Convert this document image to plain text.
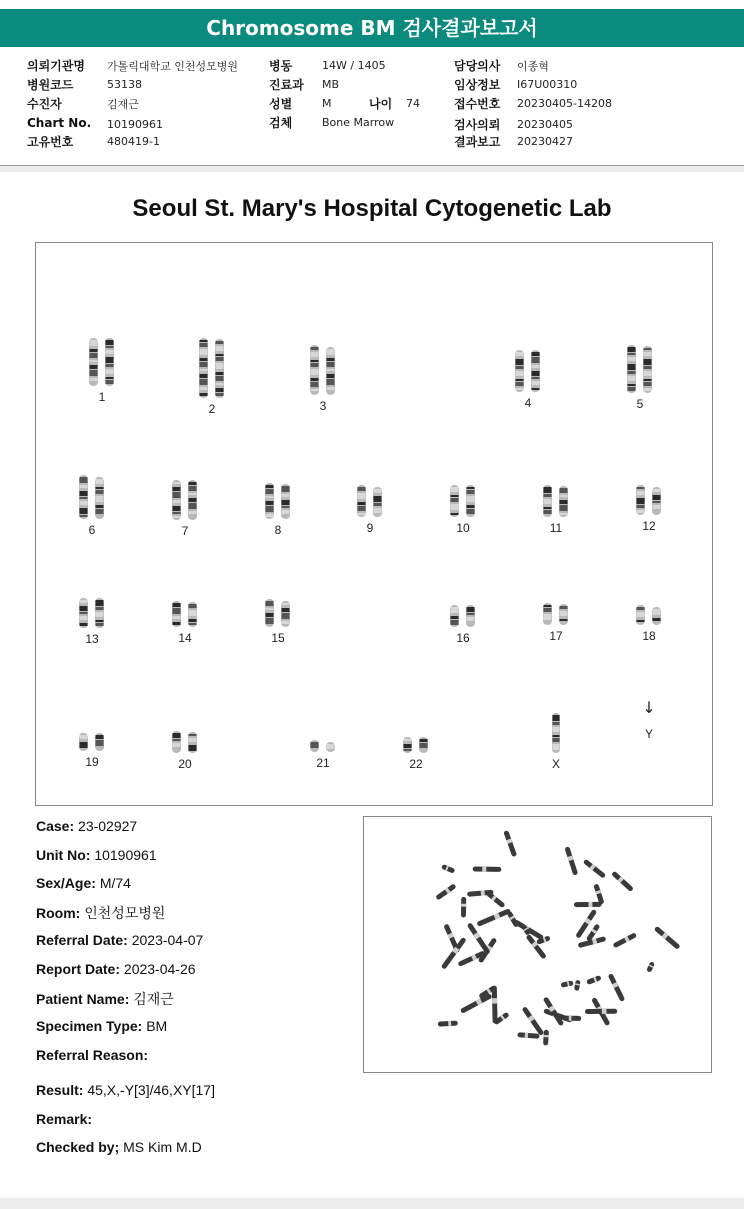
Chromosome BM 검사결과보고서
의뢰기관명 가톨릭대학교 인천성모병원
병원코드	53138
수진자	김재근
Chart No. 10190961
고유번호	480419-1
병동	14W / 1405
진료과 MB
성별	M	나이 74
검체	Bone Marrow
담당의사 이종혁
임상정보 I67U00310
접수번호 20230405-14208
검사의뢰 20230405
결과보고 20230427
Seoul St. Mary's Hospital Cytogenetic Lab
1
2	3	4	5
6	7	8	9	10	11	12
13	14	15	16	17	18
19	20	21	22	X
↓
Y
Case: 23-02927
Unit No: 10190961
Sex/Age: M/74
Room: 인천성모병원
Referral Date: 2023-04-07
Report Date: 2023-04-26
Patient Name: 김재근
Specimen Type: BM
Referral Reason:
Result: 45,X,-Y[3]/46,XY[17]
Remark:
Checked by; MS Kim M.D
